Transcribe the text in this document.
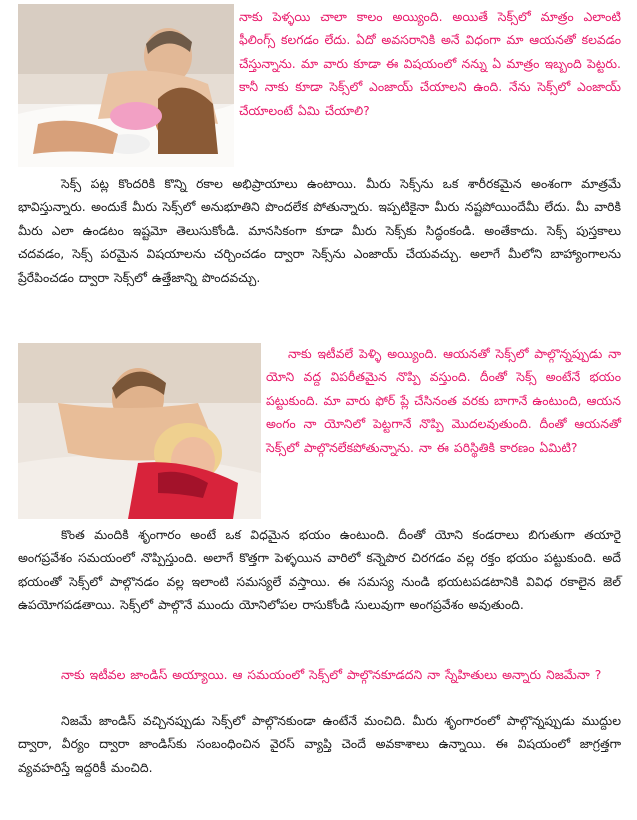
నాకు పెళ్ళయి చాలా కాలం అయ్యింది. అయితే సెక్స్‌లో మాత్రం ఎలాంటి ఫీలింగ్స్ కలగడం లేదు. ఏదో అవసరానికి అనే విధంగా మా ఆయనతో కలవడం చేస్తున్నాను. మా వారు కూడా ఈ విషయంలో నన్ను ఏ మాత్రం ఇబ్బంది పెట్టరు. కానీ నాకు కూడా సెక్స్‌లో ఎంజాయ్ చేయాలని ఉంది. నేను సెక్స్‌లో ఎంజాయ్ చేయాలంటే ఏమి చేయాలి?

సెక్స్ పట్ల కొందరికి కొన్ని రకాల అభిప్రాయాలు ఉంటాయి. మీరు సెక్స్‌ను ఒక శారీరకమైన అంశంగా మాత్రమే భావిస్తున్నారు. అందుకే మీరు సెక్స్‌లో అనుభూతిని పొందలేక పోతున్నారు. ఇప్పటికైనా మీరు నష్టపోయిందేమీ లేదు. మీ వారికి మీరు ఎలా ఉండటం ఇష్టమో తెలుసుకోండి. మానసికంగా కూడా మీరు సెక్స్‌కు సిద్ధంకండి. అంతేకాదు. సెక్స్ పుస్తకాలు చదవడం, సెక్స్ పరమైన విషయాలను చర్చించడం ద్వారా సెక్స్‌ను ఎంజాయ్ చేయవచ్చు. అలాగే మీలోని బాహ్యాంగాలను ప్రేరేపించడం ద్వారా సెక్స్‌లో ఉత్తేజాన్ని పొందవచ్చు.

నాకు ఇటీవలే పెళ్ళి అయ్యింది. ఆయనతో సెక్స్‌లో పాల్గొన్నప్పుడు నా యోని వద్ద విపరీతమైన నొప్పి వస్తుంది. దీంతో సెక్స్ అంటేనే భయం పట్టుకుంది. మా వారు ఫోర్ ప్లే చేసినంత వరకు బాగానే ఉంటుంది, ఆయన అంగం నా యోనిలో పెట్టగానే నొప్పి మొదలవుతుంది. దీంతో ఆయనతో సెక్స్‌లో పాల్గొనలేకపోతున్నాను. నా ఈ పరిస్థితికి కారణం ఏమిటి?

కొంత మందికి శృంగారం అంటే ఒక విధమైన భయం ఉంటుంది. దీంతో యోని కండరాలు బిగుతుగా తయారై అంగప్రవేశం సమయంలో నొప్పిస్తుంది. అలాగే కొత్తగా పెళ్ళయిన వారిలో కన్నెపొర చిరగడం వల్ల రక్తం భయం పట్టుకుంది. అదే భయంతో సెక్స్‌లో పాల్గొనడం వల్ల ఇలాంటి సమస్యలే వస్తాయి. ఈ సమస్య నుండి భయటపడటానికి వివిధ రకాలైన జెల్ ఉపయోగపడతాయి. సెక్స్‌లో పాల్గొనే ముందు యోనిలోపల రాసుకోండి సులువుగా అంగప్రవేశం అవుతుంది.

నాకు ఇటీవల జాండిస్ అయ్యాయి. ఆ సమయంలో సెక్స్‌లో పాల్గొనకూడదని నా స్నేహితులు అన్నారు నిజమేనా ?

నిజమే జాండిస్ వచ్చినప్పుడు సెక్స్‌లో పాల్గొనకుండా ఉంటేనే మంచిది. మీరు శృంగారంలో పాల్గొన్నప్పుడు ముద్దుల ద్వారా, వీర్యం ద్వారా జాండిస్‌కు సంబంధించిన వైరస్ వ్యాప్తి చెందే అవకాశాలు ఉన్నాయి. ఈ విషయంలో జాగ్రత్తగా వ్యవహరిస్తే ఇద్దరికీ మంచిది.
